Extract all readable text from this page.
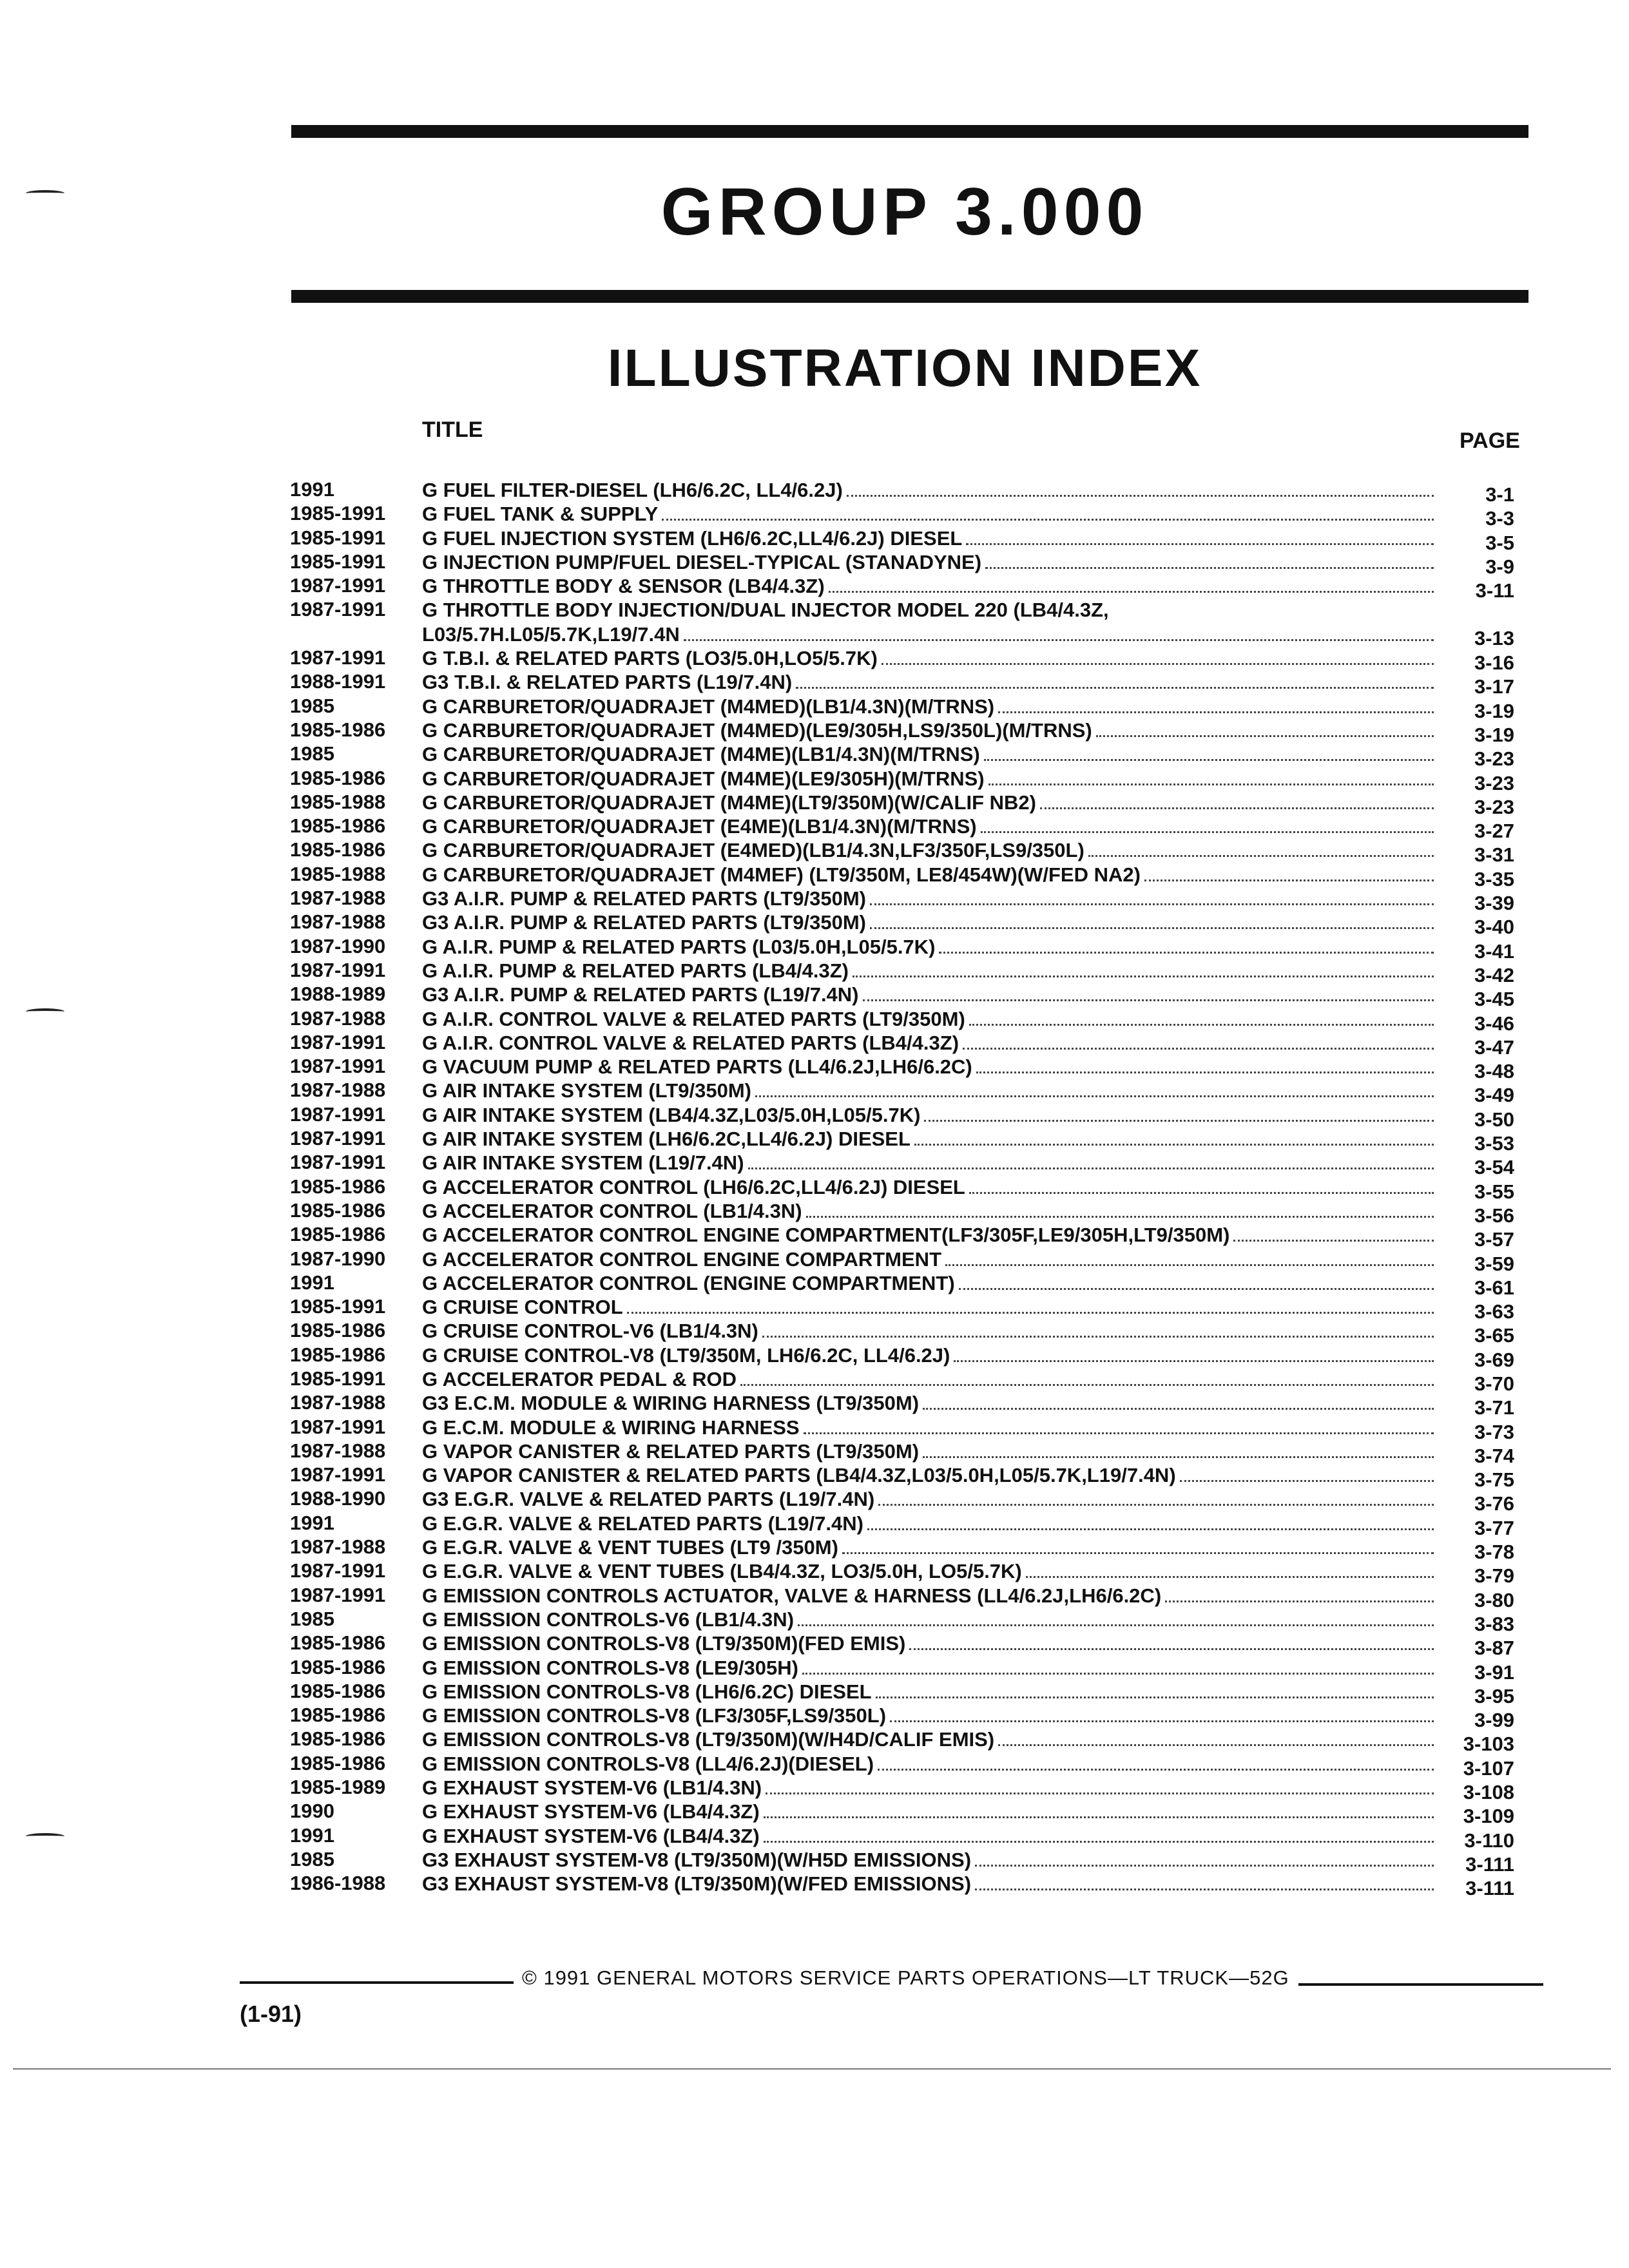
GROUP 3.000
ILLUSTRATION INDEX
TITLE	PAGE
1991	G FUEL FILTER-DIESEL (LH6/6.2C, LL4/6.2J)	3-1
1985-1991	G FUEL TANK & SUPPLY	3-3
1985-1991	G FUEL INJECTION SYSTEM (LH6/6.2C,LL4/6.2J) DIESEL	3-5
1985-1991	G INJECTION PUMP/FUEL DIESEL-TYPICAL (STANADYNE)	3-9
1987-1991	G THROTTLE BODY & SENSOR (LB4/4.3Z)	3-11
1987-1991	G THROTTLE BODY INJECTION/DUAL INJECTOR MODEL 220 (LB4/4.3Z,
L03/5.7H.L05/5.7K,L19/7.4N	3-13
1987-1991	G T.B.I. & RELATED PARTS (LO3/5.0H,LO5/5.7K)	3-16
1988-1991	G3 T.B.I. & RELATED PARTS (L19/7.4N)	3-17
1985	G CARBURETOR/QUADRAJET (M4MED)(LB1/4.3N)(M/TRNS)	3-19
1985-1986	G CARBURETOR/QUADRAJET (M4MED)(LE9/305H,LS9/350L)(M/TRNS)	3-19
1985	G CARBURETOR/QUADRAJET (M4ME)(LB1/4.3N)(M/TRNS)	3-23
1985-1986	G CARBURETOR/QUADRAJET (M4ME)(LE9/305H)(M/TRNS)	3-23
1985-1988	G CARBURETOR/QUADRAJET (M4ME)(LT9/350M)(W/CALIF NB2)	3-23
1985-1986	G CARBURETOR/QUADRAJET (E4ME)(LB1/4.3N)(M/TRNS)	3-27
1985-1986	G CARBURETOR/QUADRAJET (E4MED)(LB1/4.3N,LF3/350F,LS9/350L)	3-31
1985-1988	G CARBURETOR/QUADRAJET (M4MEF) (LT9/350M, LE8/454W)(W/FED NA2)	3-35
1987-1988	G3 A.I.R. PUMP & RELATED PARTS (LT9/350M)	3-39
1987-1988	G3 A.I.R. PUMP & RELATED PARTS (LT9/350M)	3-40
1987-1990	G A.I.R. PUMP & RELATED PARTS (L03/5.0H,L05/5.7K)	3-41
1987-1991	G A.I.R. PUMP & RELATED PARTS (LB4/4.3Z)	3-42
1988-1989	G3 A.I.R. PUMP & RELATED PARTS (L19/7.4N)	3-45
1987-1988	G A.I.R. CONTROL VALVE & RELATED PARTS (LT9/350M)	3-46
1987-1991	G A.I.R. CONTROL VALVE & RELATED PARTS (LB4/4.3Z)	3-47
1987-1991	G VACUUM PUMP & RELATED PARTS (LL4/6.2J,LH6/6.2C)	3-48
1987-1988	G AIR INTAKE SYSTEM (LT9/350M)	3-49
1987-1991	G AIR INTAKE SYSTEM (LB4/4.3Z,L03/5.0H,L05/5.7K)	3-50
1987-1991	G AIR INTAKE SYSTEM (LH6/6.2C,LL4/6.2J) DIESEL	3-53
1987-1991	G AIR INTAKE SYSTEM (L19/7.4N)	3-54
1985-1986	G ACCELERATOR CONTROL (LH6/6.2C,LL4/6.2J) DIESEL	3-55
1985-1986	G ACCELERATOR CONTROL (LB1/4.3N)	3-56
1985-1986	G ACCELERATOR CONTROL ENGINE COMPARTMENT(LF3/305F,LE9/305H,LT9/350M)	3-57
1987-1990	G ACCELERATOR CONTROL ENGINE COMPARTMENT	3-59
1991	G ACCELERATOR CONTROL (ENGINE COMPARTMENT)	3-61
1985-1991	G CRUISE CONTROL	3-63
1985-1986	G CRUISE CONTROL-V6 (LB1/4.3N)	3-65
1985-1986	G CRUISE CONTROL-V8 (LT9/350M, LH6/6.2C, LL4/6.2J)	3-69
1985-1991	G ACCELERATOR PEDAL & ROD	3-70
1987-1988	G3 E.C.M. MODULE & WIRING HARNESS (LT9/350M)	3-71
1987-1991	G E.C.M. MODULE & WIRING HARNESS	3-73
1987-1988	G VAPOR CANISTER & RELATED PARTS (LT9/350M)	3-74
1987-1991	G VAPOR CANISTER & RELATED PARTS (LB4/4.3Z,L03/5.0H,L05/5.7K,L19/7.4N)	3-75
1988-1990	G3 E.G.R. VALVE & RELATED PARTS (L19/7.4N)	3-76
1991	G E.G.R. VALVE & RELATED PARTS (L19/7.4N)	3-77
1987-1988	G E.G.R. VALVE & VENT TUBES (LT9 /350M)	3-78
1987-1991	G E.G.R. VALVE & VENT TUBES (LB4/4.3Z, LO3/5.0H, LO5/5.7K)	3-79
1987-1991	G EMISSION CONTROLS ACTUATOR, VALVE & HARNESS (LL4/6.2J,LH6/6.2C)	3-80
1985	G EMISSION CONTROLS-V6 (LB1/4.3N)	3-83
1985-1986	G EMISSION CONTROLS-V8 (LT9/350M)(FED EMIS)	3-87
1985-1986	G EMISSION CONTROLS-V8 (LE9/305H)	3-91
1985-1986	G EMISSION CONTROLS-V8 (LH6/6.2C) DIESEL	3-95
1985-1986	G EMISSION CONTROLS-V8 (LF3/305F,LS9/350L)	3-99
1985-1986	G EMISSION CONTROLS-V8 (LT9/350M)(W/H4D/CALIF EMIS)	3-103
1985-1986	G EMISSION CONTROLS-V8 (LL4/6.2J)(DIESEL)	3-107
1985-1989	G EXHAUST SYSTEM-V6 (LB1/4.3N)	3-108
1990	G EXHAUST SYSTEM-V6 (LB4/4.3Z)	3-109
1991	G EXHAUST SYSTEM-V6 (LB4/4.3Z)	3-110
1985	G3 EXHAUST SYSTEM-V8 (LT9/350M)(W/H5D EMISSIONS)	3-111
1986-1988	G3 EXHAUST SYSTEM-V8 (LT9/350M)(W/FED EMISSIONS)	3-111
© 1991 GENERAL MOTORS SERVICE PARTS OPERATIONS—LT TRUCK—52G
(1-91)
